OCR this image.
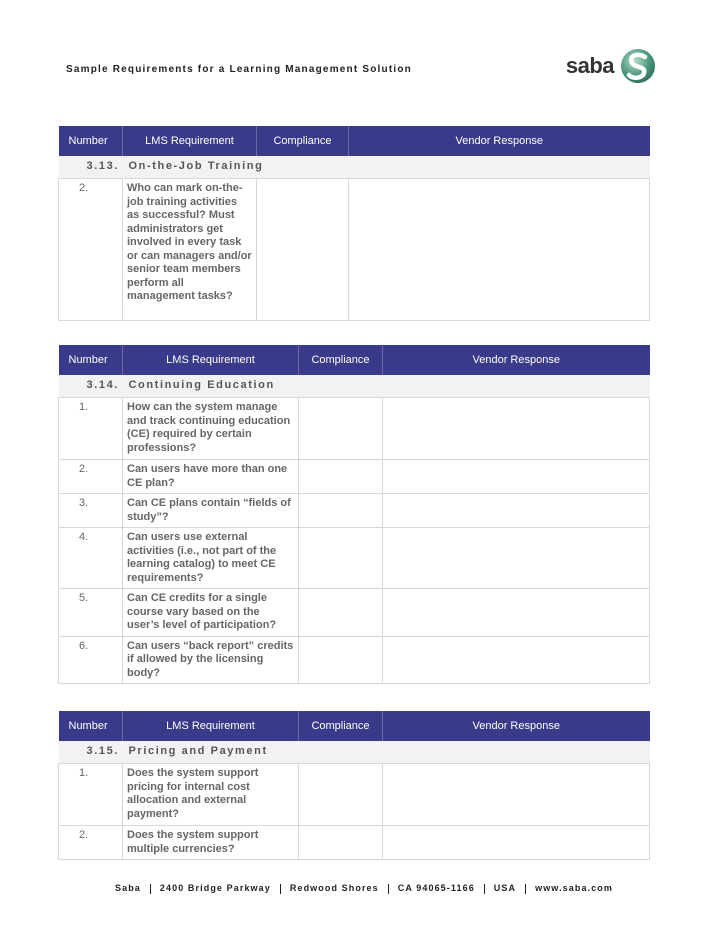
Sample Requirements for a Learning Management Solution	saba
Number	LMS Requirement	Compliance	Vendor Response

3.13. On-the-Job Training			

2.	Who can mark on-the-job training activities as successful? Must administrators get involved in every task or can managers and/or senior team members perform all management tasks?		
Number	LMS Requirement	Compliance	Vendor Response

3.14. Continuing Education			

1.	How can the system manage and track continuing education (CE) required by certain professions?		
2.	Can users have more than one CE plan?		
3.	Can CE plans contain “fields of study”?		
4.	Can users use external activities (i.e., not part of the learning catalog) to meet CE requirements?		
5.	Can CE credits for a single course vary based on the user’s level of participation?		
6.	Can users “back report” credits if allowed by the licensing body?		
Number	LMS Requirement	Compliance	Vendor Response

3.15. Pricing and Payment			

1.	Does the system support pricing for internal cost allocation and external payment?		
2.	Does the system support multiple currencies?		
Saba 2400 Bridge Parkway Redwood Shores CA 94065-1166 USA www.saba.com
